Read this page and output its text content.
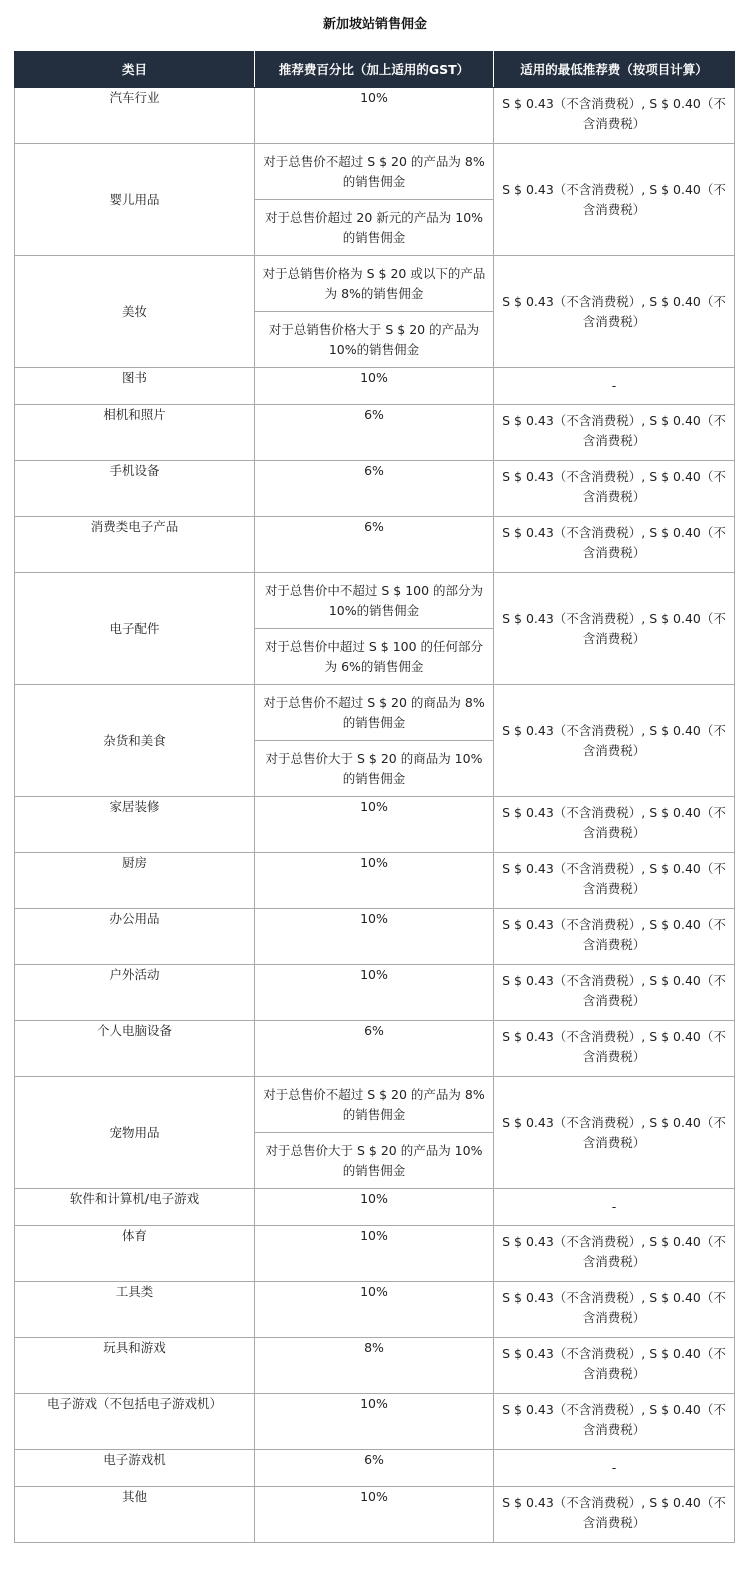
新加坡站销售佣金
类目	推荐费百分比（加上适用的GST）	适用的最低推荐费（按项目计算）
汽车行业	10%	S $ 0.43（不含消费税）, S $ 0.40（不含消费税）
婴儿用品	对于总售价不超过 S $ 20 的产品为 8%的销售佣金	S $ 0.43（不含消费税）, S $ 0.40（不含消费税）
	对于总售价超过 20 新元的产品为 10%的销售佣金	
美妆	对于总销售价格为 S $ 20 或以下的产品为 8%的销售佣金	S $ 0.43（不含消费税）, S $ 0.40（不含消费税）
	对于总销售价格大于 S $ 20 的产品为 10%的销售佣金	
图书	10%	-
相机和照片	6%	S $ 0.43（不含消费税）, S $ 0.40（不含消费税）
手机设备	6%	S $ 0.43（不含消费税）, S $ 0.40（不含消费税）
消费类电子产品	6%	S $ 0.43（不含消费税）, S $ 0.40（不含消费税）
电子配件	对于总售价中不超过 S $ 100 的部分为 10%的销售佣金	S $ 0.43（不含消费税）, S $ 0.40（不含消费税）
	对于总售价中超过 S $ 100 的任何部分为 6%的销售佣金	
杂货和美食	对于总售价不超过 S $ 20 的商品为 8%的销售佣金	S $ 0.43（不含消费税）, S $ 0.40（不含消费税）
	对于总售价大于 S $ 20 的商品为 10%的销售佣金	
家居装修	10%	S $ 0.43（不含消费税）, S $ 0.40（不含消费税）
厨房	10%	S $ 0.43（不含消费税）, S $ 0.40（不含消费税）
办公用品	10%	S $ 0.43（不含消费税）, S $ 0.40（不含消费税）
户外活动	10%	S $ 0.43（不含消费税）, S $ 0.40（不含消费税）
个人电脑设备	6%	S $ 0.43（不含消费税）, S $ 0.40（不含消费税）
宠物用品	对于总售价不超过 S $ 20 的产品为 8%的销售佣金	S $ 0.43（不含消费税）, S $ 0.40（不含消费税）
	对于总售价大于 S $ 20 的产品为 10%的销售佣金	
软件和计算机/电子游戏	10%	-
体育	10%	S $ 0.43（不含消费税）, S $ 0.40（不含消费税）
工具类	10%	S $ 0.43（不含消费税）, S $ 0.40（不含消费税）
玩具和游戏	8%	S $ 0.43（不含消费税）, S $ 0.40（不含消费税）
电子游戏（不包括电子游戏机）	10%	S $ 0.43（不含消费税）, S $ 0.40（不含消费税）
电子游戏机	6%	-
其他	10%	S $ 0.43（不含消费税）, S $ 0.40（不含消费税）
